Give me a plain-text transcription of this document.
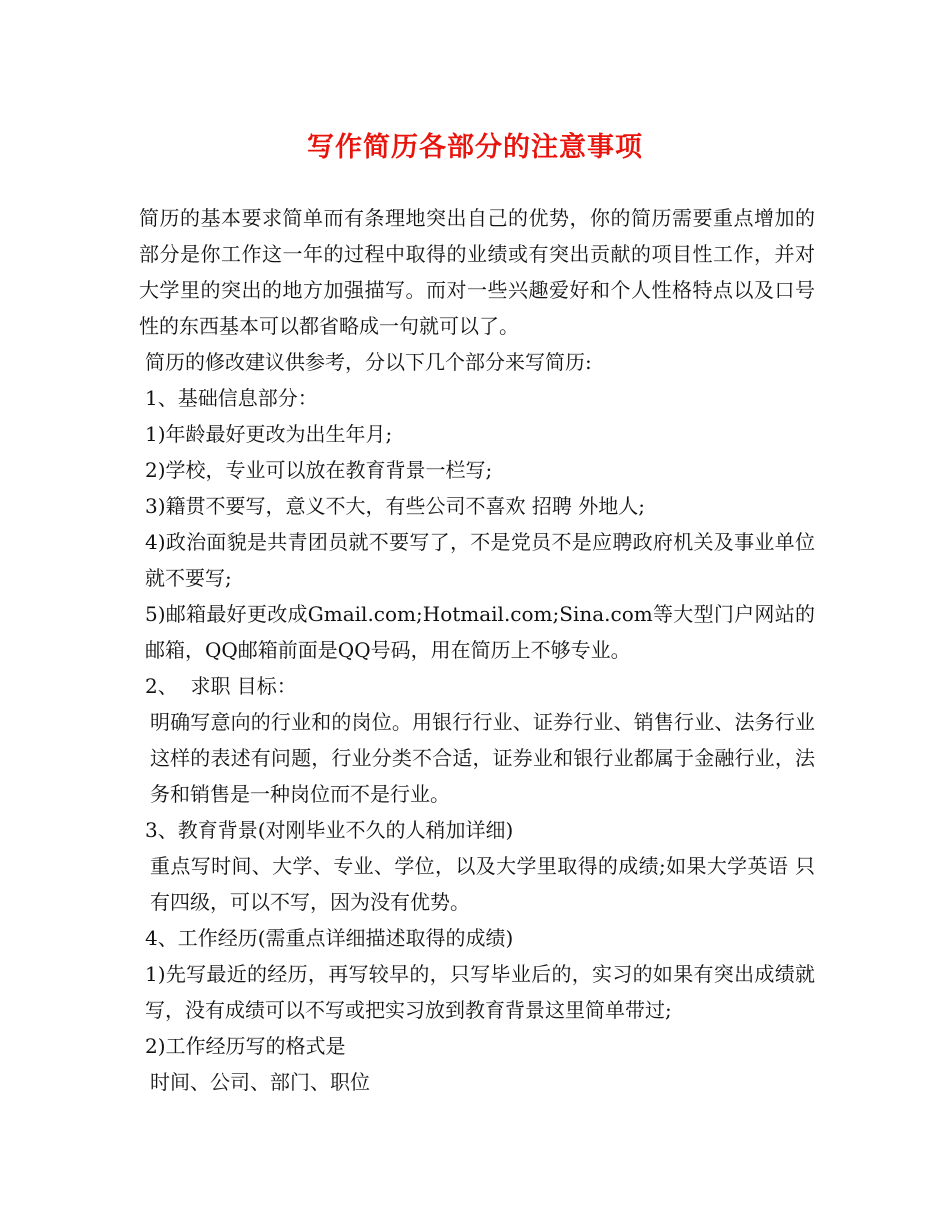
写作简历各部分的注意事项

简历的基本要求简单而有条理地突出自己的优势，你的简历需要重点增加的部分是你工作这一年的过程中取得的业绩或有突出贡献的项目性工作，并对大学里的突出的地方加强描写。而对一些兴趣爱好和个人性格特点以及口号性的东西基本可以都省略成一句就可以了。

简历的修改建议供参考，分以下几个部分来写简历:

1、基础信息部分：

1)年龄最好更改为出生年月;

2)学校，专业可以放在教育背景一栏写;

3)籍贯不要写，意义不大，有些公司不喜欢 招聘 外地人;

4)政治面貌是共青团员就不要写了，不是党员不是应聘政府机关及事业单位就不要写;

5)邮箱最好更改成Gmail.com;Hotmail.com;Sina.com等大型门户网站的邮箱，QQ邮箱前面是QQ号码，用在简历上不够专业。

2、  求职 目标：

明确写意向的行业和的岗位。用银行行业、证券行业、销售行业、法务行业这样的表述有问题，行业分类不合适，证券业和银行业都属于金融行业，法务和销售是一种岗位而不是行业。

3、教育背景(对刚毕业不久的人稍加详细)

重点写时间、大学、专业、学位，以及大学里取得的成绩;如果大学英语 只有四级，可以不写，因为没有优势。

4、工作经历(需重点详细描述取得的成绩)

1)先写最近的经历，再写较早的，只写毕业后的，实习的如果有突出成绩就写，没有成绩可以不写或把实习放到教育背景这里简单带过;

2)工作经历写的格式是

时间、公司、部门、职位
